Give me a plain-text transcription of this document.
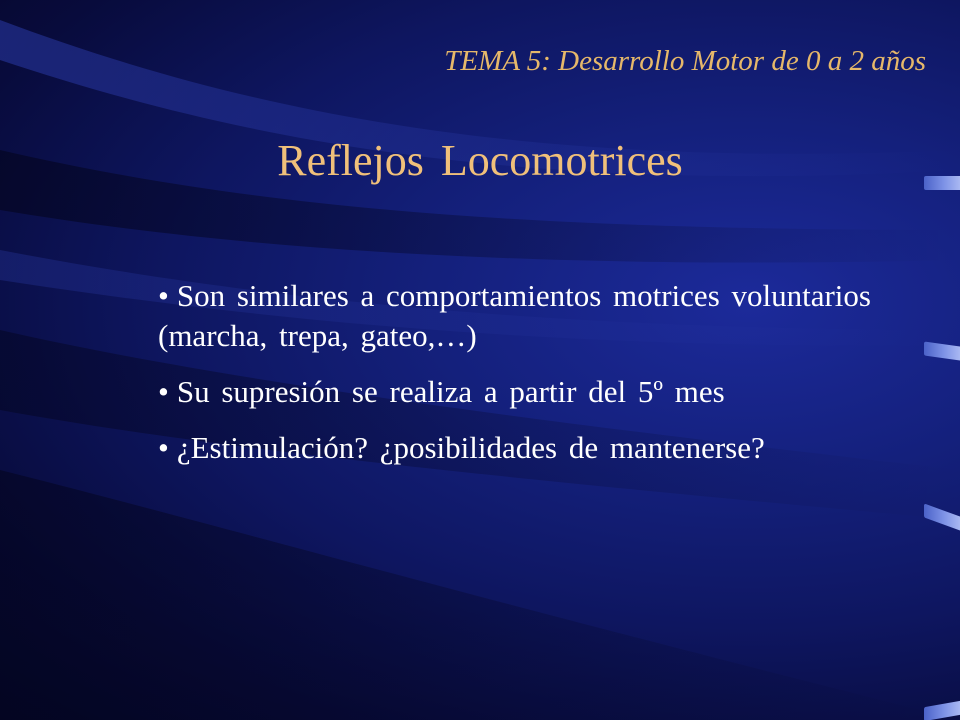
TEMA 5: Desarrollo Motor de 0 a 2 años
Reflejos Locomotrices
• Son similares a comportamientos motrices voluntarios (marcha, trepa, gateo,…)
• Su supresión se realiza a partir del 5º mes
• ¿Estimulación? ¿posibilidades de mantenerse?
